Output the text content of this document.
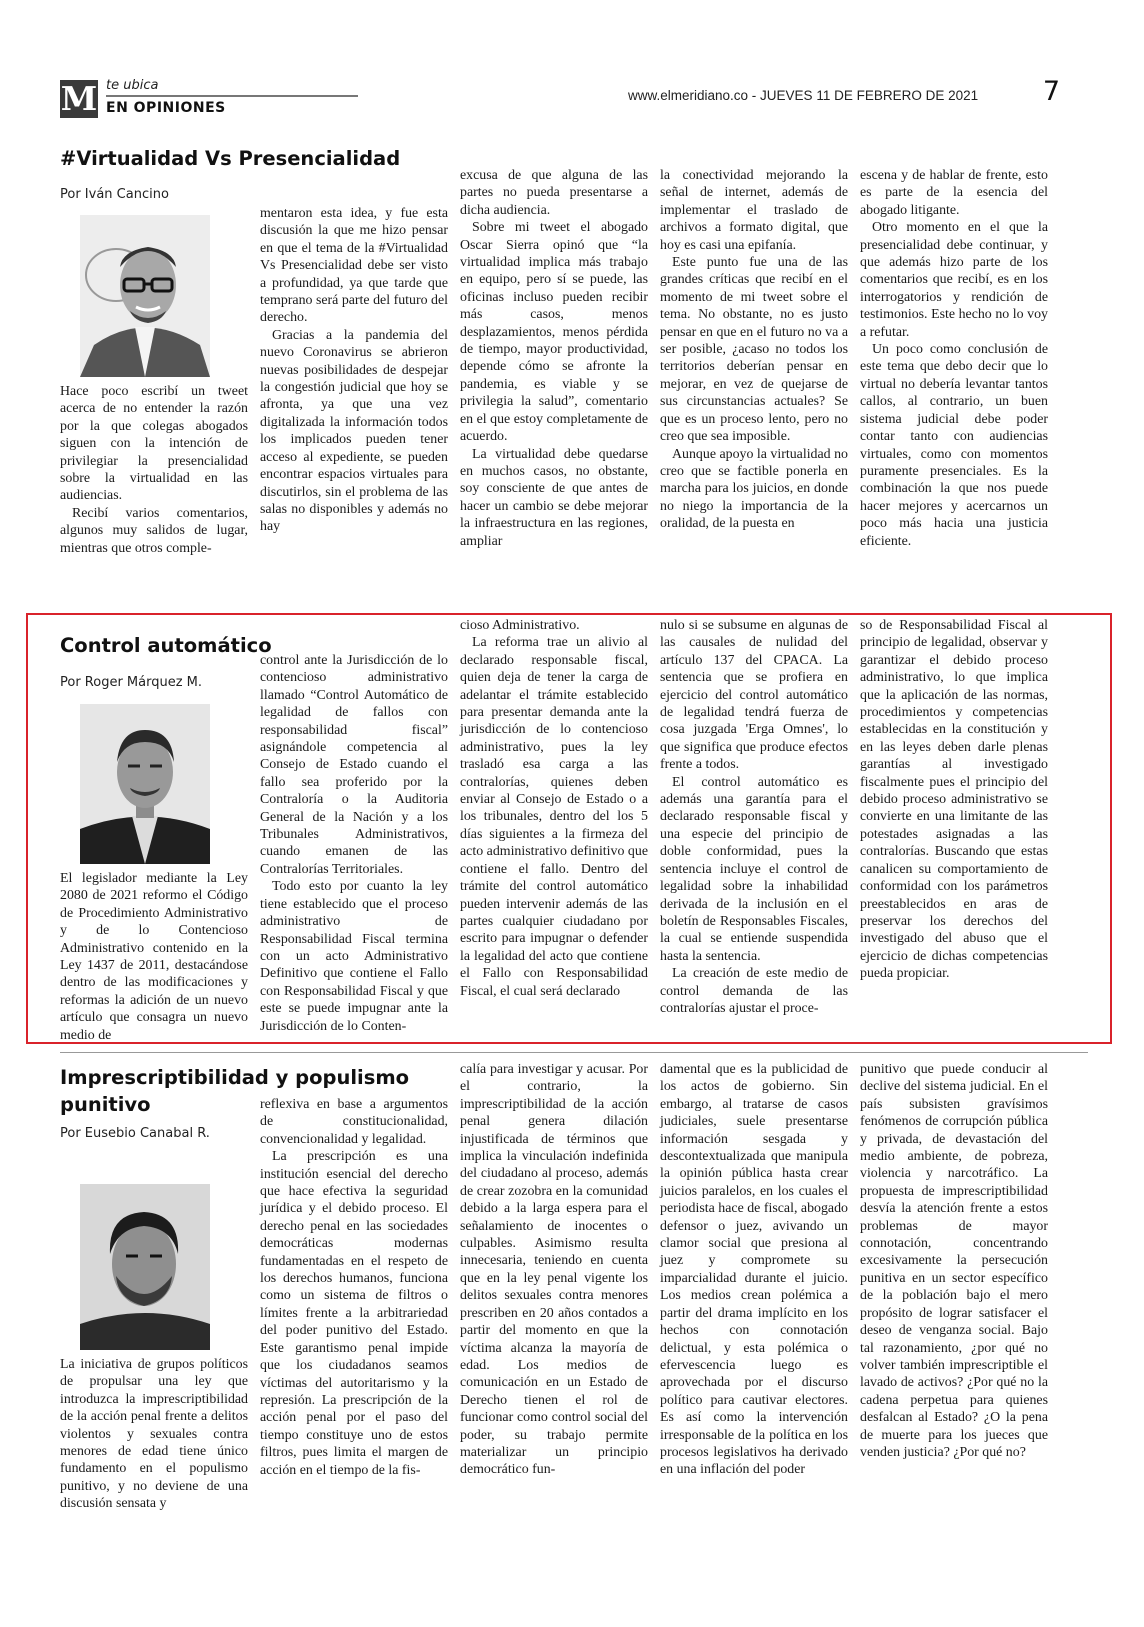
M te ubica
EN OPINIONES
www.elmeridiano.co - JUEVES 11 DE FEBRERO DE 2021 7
#Virtualidad Vs Presencialidad
Por Iván Cancino

Hace poco escribí un tweet acerca de no entender la razón por la que colegas abogados siguen con la intención de privilegiar la presencialidad sobre la virtualidad en las audiencias.

Recibí varios comentarios, algunos muy salidos de lugar, mientras que otros comple-

mentaron esta idea, y fue esta discusión la que me hizo pensar en que el tema de la #Virtualidad Vs Presencialidad debe ser visto a profundidad, ya que tarde que temprano será parte del futuro del derecho.

Gracias a la pandemia del nuevo Coronavirus se abrieron nuevas posibilidades de despejar la congestión judicial que hoy se afronta, ya que una vez digitalizada la información todos los implicados pueden tener acceso al expediente, se pueden encontrar espacios virtuales para discutirlos, sin el problema de las salas no disponibles y además no hay

excusa de que alguna de las partes no pueda presentarse a dicha audiencia.

Sobre mi tweet el abogado Oscar Sierra opinó que “la virtualidad implica más trabajo en equipo, pero sí se puede, las oficinas incluso pueden recibir más casos, menos desplazamientos, menos pérdida de tiempo, mayor productividad, depende cómo se afronte la pandemia, es viable y se privilegia la salud”, comentario en el que estoy completamente de acuerdo.

La virtualidad debe quedarse en muchos casos, no obstante, soy consciente de que antes de hacer un cambio se debe mejorar la infraestructura en las regiones, ampliar

la conectividad mejorando la señal de internet, además de implementar el traslado de archivos a formato digital, que hoy es casi una epifanía.

Este punto fue una de las grandes críticas que recibí en el momento de mi tweet sobre el tema. No obstante, no es justo pensar en que en el futuro no va a ser posible, ¿acaso no todos los territorios deberían pensar en mejorar, en vez de quejarse de sus circunstancias actuales? Se que es un proceso lento, pero no creo que sea imposible.

Aunque apoyo la virtualidad no creo que se factible ponerla en marcha para los juicios, en donde no niego la importancia de la oralidad, de la puesta en

escena y de hablar de frente, esto es parte de la esencia del abogado litigante.

Otro momento en el que la presencialidad debe continuar, y que además hizo parte de los comentarios que recibí, es en los interrogatorios y rendición de testimonios. Este hecho no lo voy a refutar.

Un poco como conclusión de este tema que debo decir que lo virtual no debería levantar tantos callos, al contrario, un buen sistema judicial debe poder contar tanto con audiencias virtuales, como con momentos puramente presenciales. Es la combinación la que nos puede hacer mejores y acercarnos un poco más hacia una justicia eficiente.

Control automático
Por Roger Márquez M.

El legislador mediante la Ley 2080 de 2021 reformo el Código de Procedimiento Administrativo y de lo Contencioso Administrativo contenido en la Ley 1437 de 2011, destacándose dentro de las modificaciones y reformas la adición de un nuevo artículo que consagra un nuevo medio de

control ante la Jurisdicción de lo contencioso administrativo llamado “Control Automático de legalidad de fallos con responsabilidad fiscal” asignándole competencia al Consejo de Estado cuando el fallo sea proferido por la Contraloría o la Auditoria General de la Nación y a los Tribunales Administrativos, cuando emanen de las Contralorías Territoriales.

Todo esto por cuanto la ley tiene establecido que el proceso administrativo de Responsabilidad Fiscal termina con un acto Administrativo Definitivo que contiene el Fallo con Responsabilidad Fiscal y que este se puede impugnar ante la Jurisdicción de lo Conten-

cioso Administrativo.

La reforma trae un alivio al declarado responsable fiscal, quien deja de tener la carga de adelantar el trámite establecido para presentar demanda ante la jurisdicción de lo contencioso administrativo, pues la ley trasladó esa carga a las contralorías, quienes deben enviar al Consejo de Estado o a los tribunales, dentro del los 5 días siguientes a la firmeza del acto administrativo definitivo que contiene el fallo. Dentro del trámite del control automático pueden intervenir además de las partes cualquier ciudadano por escrito para impugnar o defender la legalidad del acto que contiene el Fallo con Responsabilidad Fiscal, el cual será declarado

nulo si se subsume en algunas de las causales de nulidad del artículo 137 del CPACA. La sentencia que se profiera en ejercicio del control automático de legalidad tendrá fuerza de cosa juzgada 'Erga Omnes', lo que significa que produce efectos frente a todos.

El control automático es además una garantía para el declarado responsable fiscal y una especie del principio de doble conformidad, pues la sentencia incluye el control de legalidad sobre la inhabilidad derivada de la inclusión en el boletín de Responsables Fiscales, la cual se entiende suspendida hasta la sentencia.

La creación de este medio de control demanda de las contralorías ajustar el proce-

so de Responsabilidad Fiscal al principio de legalidad, observar y garantizar el debido proceso administrativo, lo que implica que la aplicación de las normas, procedimientos y competencias establecidas en la constitución y en las leyes deben darle plenas garantías al investigado fiscalmente pues el principio del debido proceso administrativo se convierte en una limitante de las potestades asignadas a las contralorías. Buscando que estas canalicen su comportamiento de conformidad con los parámetros preestablecidos en aras de preservar los derechos del investigado del abuso que el ejercicio de dichas competencias pueda propiciar.

Imprescriptibilidad y populismo punitivo
Por Eusebio Canabal R.

La iniciativa de grupos políticos de propulsar una ley que introduzca la imprescriptibilidad de la acción penal frente a delitos violentos y sexuales contra menores de edad tiene único fundamento en el populismo punitivo, y no deviene de una discusión sensata y

reflexiva en base a argumentos de constitucionalidad, convencionalidad y legalidad.

La prescripción es una institución esencial del derecho que hace efectiva la seguridad jurídica y el debido proceso. El derecho penal en las sociedades democráticas modernas fundamentadas en el respeto de los derechos humanos, funciona como un sistema de filtros o límites frente a la arbitrariedad del poder punitivo del Estado. Este garantismo penal impide que los ciudadanos seamos víctimas del autoritarismo y la represión. La prescripción de la acción penal por el paso del tiempo constituye uno de estos filtros, pues limita el margen de acción en el tiempo de la fis-

calía para investigar y acusar. Por el contrario, la imprescriptibilidad de la acción penal genera dilación injustificada de términos que implica la vinculación indefinida del ciudadano al proceso, además de crear zozobra en la comunidad debido a la larga espera para el señalamiento de inocentes o culpables. Asimismo resulta innecesaria, teniendo en cuenta que en la ley penal vigente los delitos sexuales contra menores prescriben en 20 años contados a partir del momento en que la víctima alcanza la mayoría de edad. Los medios de comunicación en un Estado de Derecho tienen el rol de funcionar como control social del poder, su trabajo permite materializar un principio democrático fun-

damental que es la publicidad de los actos de gobierno. Sin embargo, al tratarse de casos judiciales, suele presentarse información sesgada y descontextualizada que manipula la opinión pública hasta crear juicios paralelos, en los cuales el periodista hace de fiscal, abogado defensor o juez, avivando un clamor social que presiona al juez y compromete su imparcialidad durante el juicio. Los medios crean polémica a partir del drama implícito en los hechos con connotación delictual, y esta polémica o efervescencia luego es aprovechada por el discurso político para cautivar electores. Es así como la intervención irresponsable de la política en los procesos legislativos ha derivado en una inflación del poder

punitivo que puede conducir al declive del sistema judicial. En el país subsisten gravísimos fenómenos de corrupción pública y privada, de devastación del medio ambiente, de pobreza, violencia y narcotráfico. La propuesta de imprescriptibilidad desvía la atención frente a estos problemas de mayor connotación, concentrando excesivamente la persecución punitiva en un sector específico de la población bajo el mero propósito de lograr satisfacer el deseo de venganza social. Bajo tal razonamiento, ¿por qué no volver también imprescriptible el lavado de activos? ¿Por qué no la cadena perpetua para quienes desfalcan al Estado? ¿O la pena de muerte para los jueces que venden justicia? ¿Por qué no?
